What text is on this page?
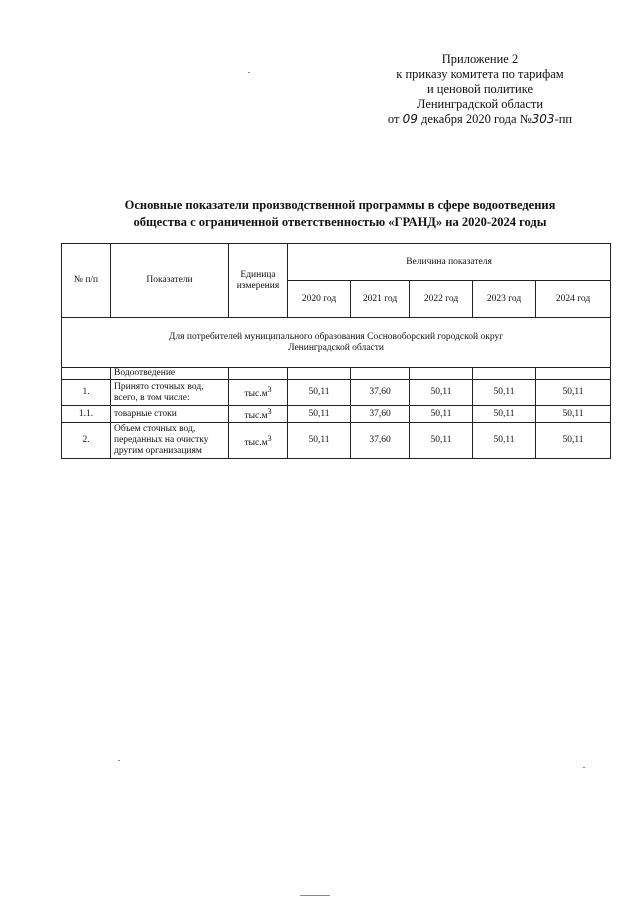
Приложение 2
к приказу комитета по тарифам
и ценовой политике
Ленинградской области
от 09 декабря 2020 года №303-пп
Основные показатели производственной программы в сфере водоотведения
общества с ограниченной ответственностью «ГРАНД» на 2020-2024 годы
№ п/п	Показатели	Единица измерения	Величина показателя				
			2020 год	2021 год	2022 год	2023 год	2024 год

Для потребителей муниципального образования Сосновоборский городской округ
Ленинградской области							

	Водоотведение						
1.	Принято сточных вод, всего, в том числе:	$тыс.м^3$	50,11	37,60	50,11	50,11	50,11
1.1.	товарные стоки	$тыс.м^3$	50,11	37,60	50,11	50,11	50,11
2.	Объем сточных вод, переданных на очистку другим организациям	$тыс.м^3$	50,11	37,60	50,11	50,11	50,11
